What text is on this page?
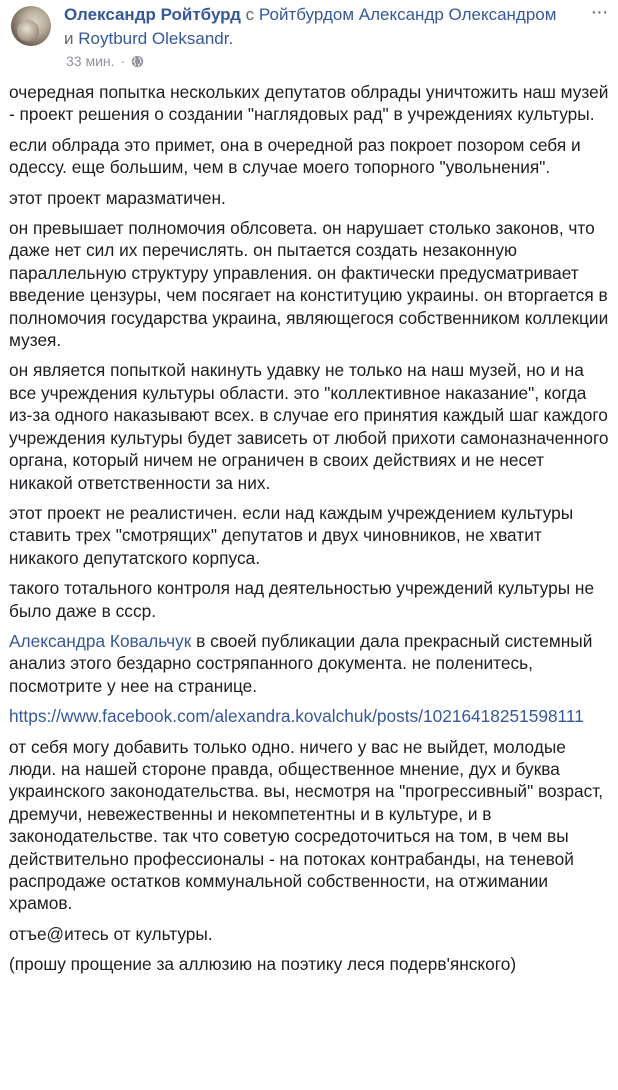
Олександр Ройтбурд с Ройтбурдом Александр Олександром и Roytburd Oleksandr.
···
33 мин. ·

очередная попытка нескольких депутатов облрады уничтожить наш музей - проект решения о создании "наглядовых рад" в учреждениях культуры.

если облрада это примет, она в очередной раз покроет позором себя и одессу. еще большим, чем в случае моего топорного "увольнения".

этот проект маразматичен.

он превышает полномочия облсовета. он нарушает столько законов, что даже нет сил их перечислять. он пытается создать незаконную параллельную структуру управления. он фактически предусматривает введение цензуры, чем посягает на конституцию украины. он вторгается в полномочия государства украина, являющегося собственником коллекции музея.

он является попыткой накинуть удавку не только на наш музей, но и на все учреждения культуры области. это "коллективное наказание", когда из-за одного наказывают всех. в случае его принятия каждый шаг каждого учреждения культуры будет зависеть от любой прихоти самоназначенного органа, который ничем не ограничен в своих действиях и не несет никакой ответственности за них.

этот проект не реалистичен. если над каждым учреждением культуры ставить трех "смотрящих" депутатов и двух чиновников, не хватит никакого депутатского корпуса.

такого тотального контроля над деятельностью учреждений культуры не было даже в ссср.

Александра Ковальчук в своей публикации дала прекрасный системный анализ этого бездарно состряпанного документа. не поленитесь, посмотрите у нее на странице.

https://www.facebook.com/alexandra.kovalchuk/posts/10216418251598111

от себя могу добавить только одно. ничего у вас не выйдет, молодые люди. на нашей стороне правда, общественное мнение, дух и буква украинского законодательства. вы, несмотря на "прогрессивный" возраст, дремучи, невежественны и некомпетентны и в культуре, и в законодательстве. так что советую сосредоточиться на том, в чем вы действительно профессионалы - на потоках контрабанды, на теневой распродаже остатков коммунальной собственности, на отжимании храмов.

отъе@итесь от культуры.

(прошу прощение за аллюзию на поэтику леся подерв'янского)
